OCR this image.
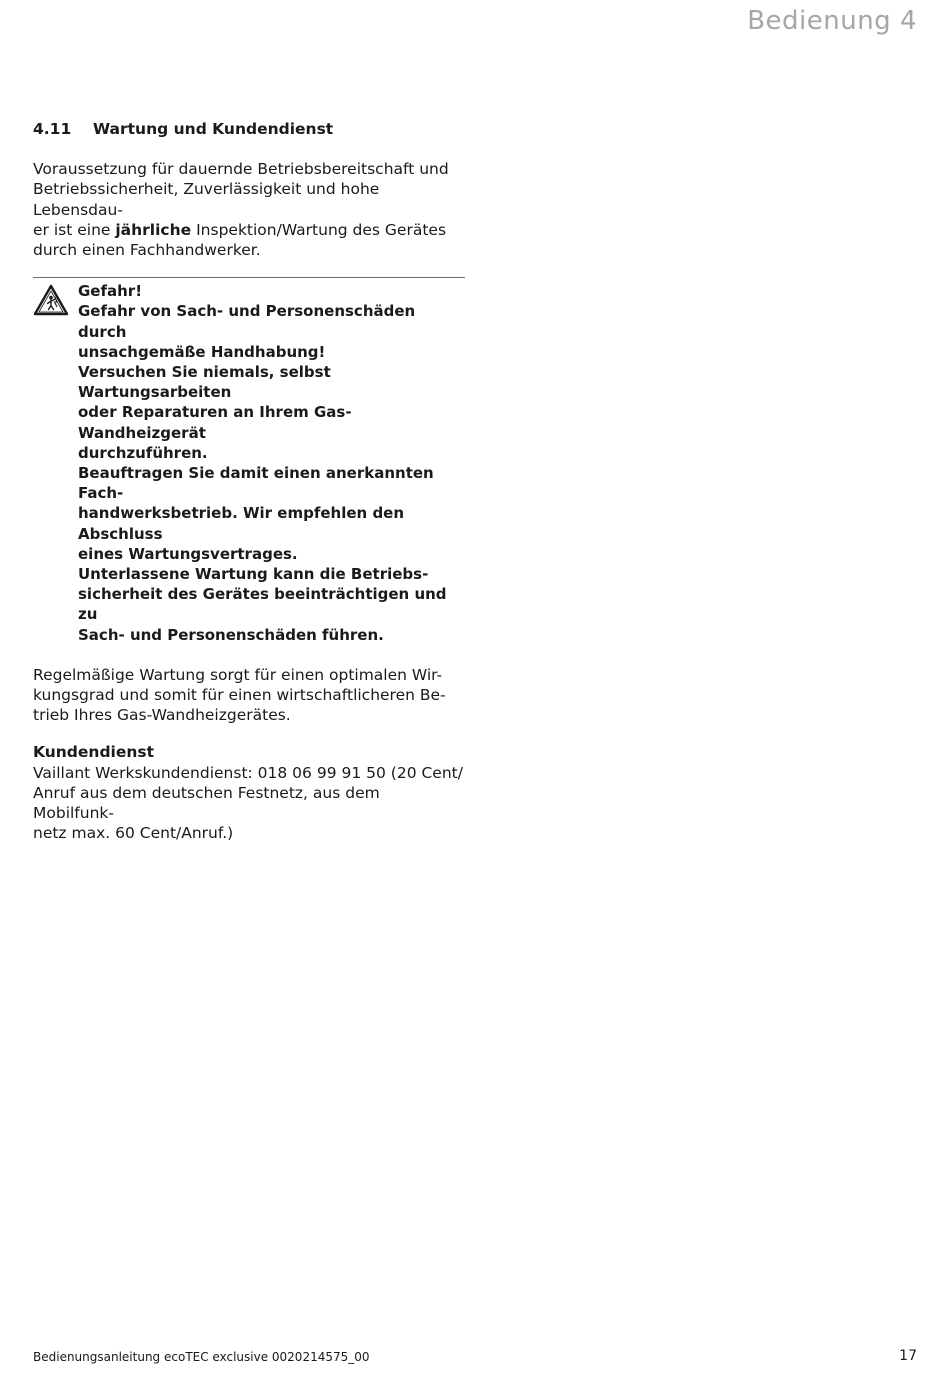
Bedienung 4
4.11	Wartung und Kundendienst

Voraussetzung für dauernde Betriebsbereitschaft und
Betriebssicherheit, Zuverlässigkeit und hohe Lebensdau-
er ist eine jährliche Inspektion/Wartung des Gerätes
durch einen Fachhandwerker.

Gefahr!
Gefahr von Sach- und Personenschäden durch
unsachgemäße Handhabung!
Versuchen Sie niemals, selbst Wartungsarbeiten
oder Reparaturen an Ihrem Gas-Wandheizgerät
durchzuführen.
Beauftragen Sie damit einen anerkannten Fach-
handwerksbetrieb. Wir empfehlen den Abschluss
eines Wartungsvertrages.
Unterlassene Wartung kann die Betriebs-
sicherheit des Gerätes beeinträchtigen und zu
Sach- und Personenschäden führen.

Regelmäßige Wartung sorgt für einen optimalen Wir-
kungsgrad und somit für einen wirtschaftlicheren Be-
trieb Ihres Gas-Wandheizgerätes.

Kundendienst
Vaillant Werkskundendienst: 018 06 99 91 50 (20 Cent/
Anruf aus dem deutschen Festnetz, aus dem Mobilfunk-
netz max. 60 Cent/Anruf.)
Bedienungsanleitung ecoTEC exclusive 0020214575_00	17
